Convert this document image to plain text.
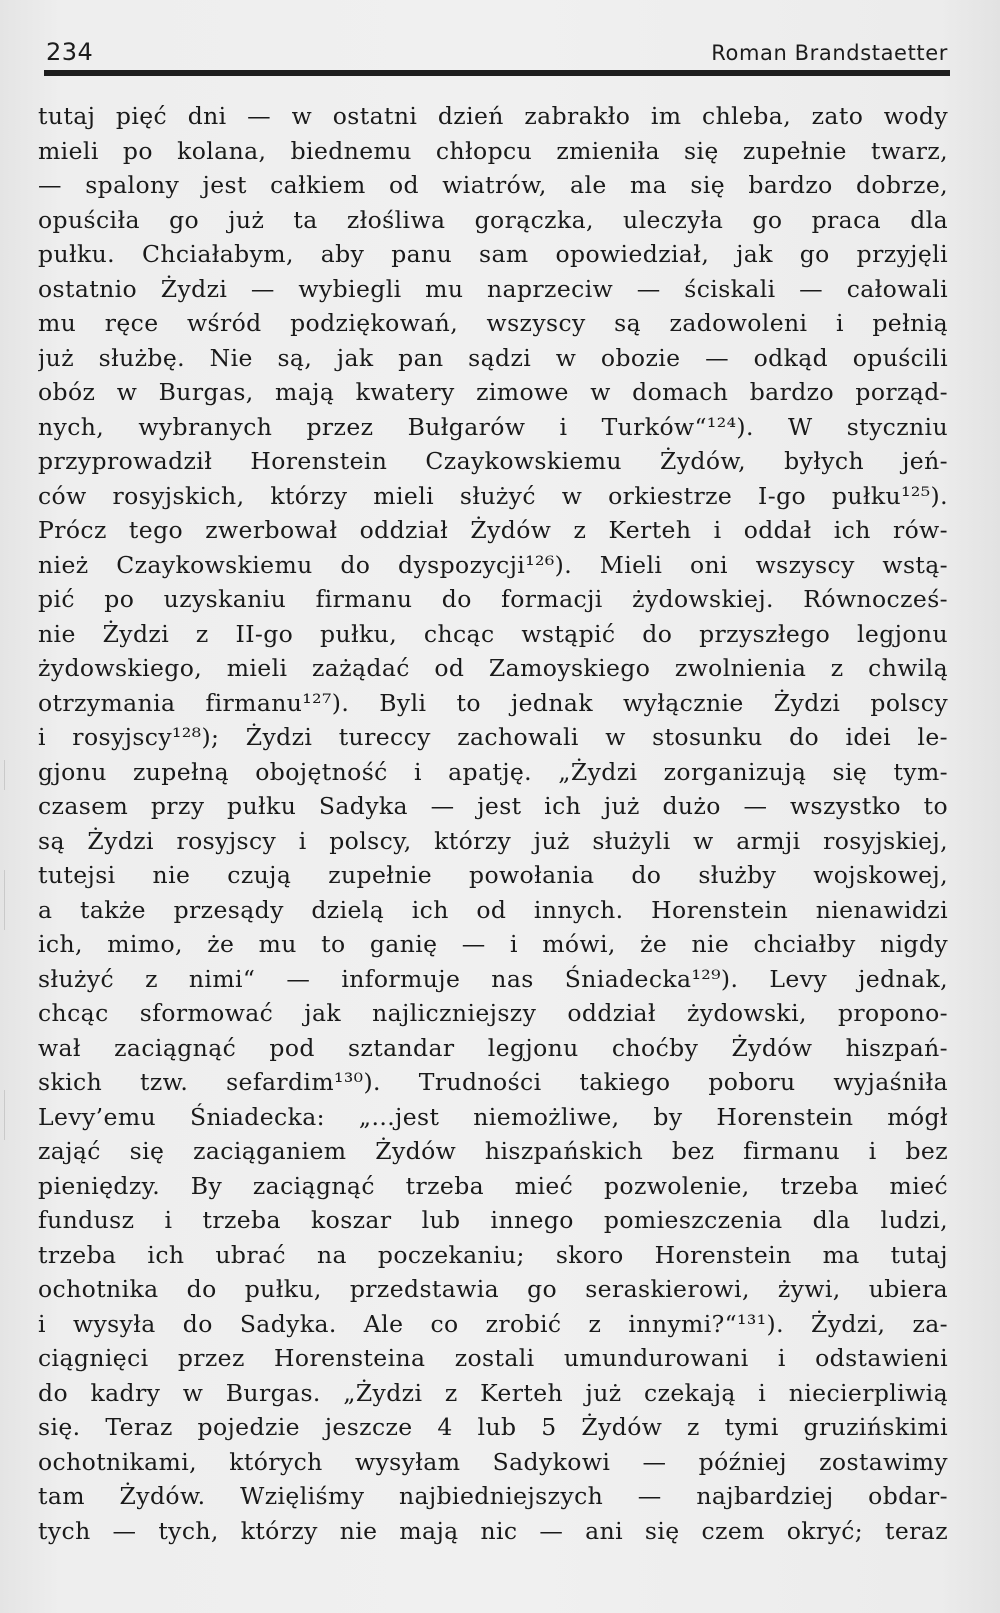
234	Roman Brandstaetter
tutaj pięć dni — w ostatni dzień zabrakło im chleba, zato wody
mieli po kolana, biednemu chłopcu zmieniła się zupełnie twarz,
— spalony jest całkiem od wiatrów, ale ma się bardzo dobrze,
opuściła go już ta złośliwa gorączka, uleczyła go praca dla
pułku. Chciałabym, aby panu sam opowiedział, jak go przyjęli
ostatnio Żydzi — wybiegli mu naprzeciw — ściskali — całowali
mu ręce wśród podziękowań, wszyscy są zadowoleni i pełnią
już służbę. Nie są, jak pan sądzi w obozie — odkąd opuścili
obóz w Burgas, mają kwatery zimowe w domach bardzo porząd-
nych, wybranych przez Bułgarów i Turków“¹²⁴). W styczniu
przyprowadził Horenstein Czaykowskiemu Żydów, byłych jeń-
ców rosyjskich, którzy mieli służyć w orkiestrze I-go pułku¹²⁵).
Prócz tego zwerbował oddział Żydów z Kerteh i oddał ich rów-
nież Czaykowskiemu do dyspozycji¹²⁶). Mieli oni wszyscy wstą-
pić po uzyskaniu firmanu do formacji żydowskiej. Równocześ-
nie Żydzi z II-go pułku, chcąc wstąpić do przyszłego legjonu
żydowskiego, mieli zażądać od Zamoyskiego zwolnienia z chwilą
otrzymania firmanu¹²⁷). Byli to jednak wyłącznie Żydzi polscy
i rosyjscy¹²⁸); Żydzi tureccy zachowali w stosunku do idei le-
gjonu zupełną obojętność i apatję. „Żydzi zorganizują się tym-
czasem przy pułku Sadyka — jest ich już dużo — wszystko to
są Żydzi rosyjscy i polscy, którzy już służyli w armji rosyjskiej,
tutejsi nie czują zupełnie powołania do służby wojskowej,
a także przesądy dzielą ich od innych. Horenstein nienawidzi
ich, mimo, że mu to ganię — i mówi, że nie chciałby nigdy
służyć z nimi“ — informuje nas Śniadecka¹²⁹). Levy jednak,
chcąc sformować jak najliczniejszy oddział żydowski, propono-
wał zaciągnąć pod sztandar legjonu choćby Żydów hiszpań-
skich tzw. sefardim¹³⁰). Trudności takiego poboru wyjaśniła
Levy’emu Śniadecka: „...jest niemożliwe, by Horenstein mógł
zająć się zaciąganiem Żydów hiszpańskich bez firmanu i bez
pieniędzy. By zaciągnąć trzeba mieć pozwolenie, trzeba mieć
fundusz i trzeba koszar lub innego pomieszczenia dla ludzi,
trzeba ich ubrać na poczekaniu; skoro Horenstein ma tutaj
ochotnika do pułku, przedstawia go seraskierowi, żywi, ubiera
i wysyła do Sadyka. Ale co zrobić z innymi?“¹³¹). Żydzi, za-
ciągnięci przez Horensteina zostali umundurowani i odstawieni
do kadry w Burgas. „Żydzi z Kerteh już czekają i niecierpliwią
się. Teraz pojedzie jeszcze 4 lub 5 Żydów z tymi gruzińskimi
ochotnikami, których wysyłam Sadykowi — później zostawimy
tam Żydów. Wzięliśmy najbiedniejszych — najbardziej obdar-
tych — tych, którzy nie mają nic — ani się czem okryć; teraz
